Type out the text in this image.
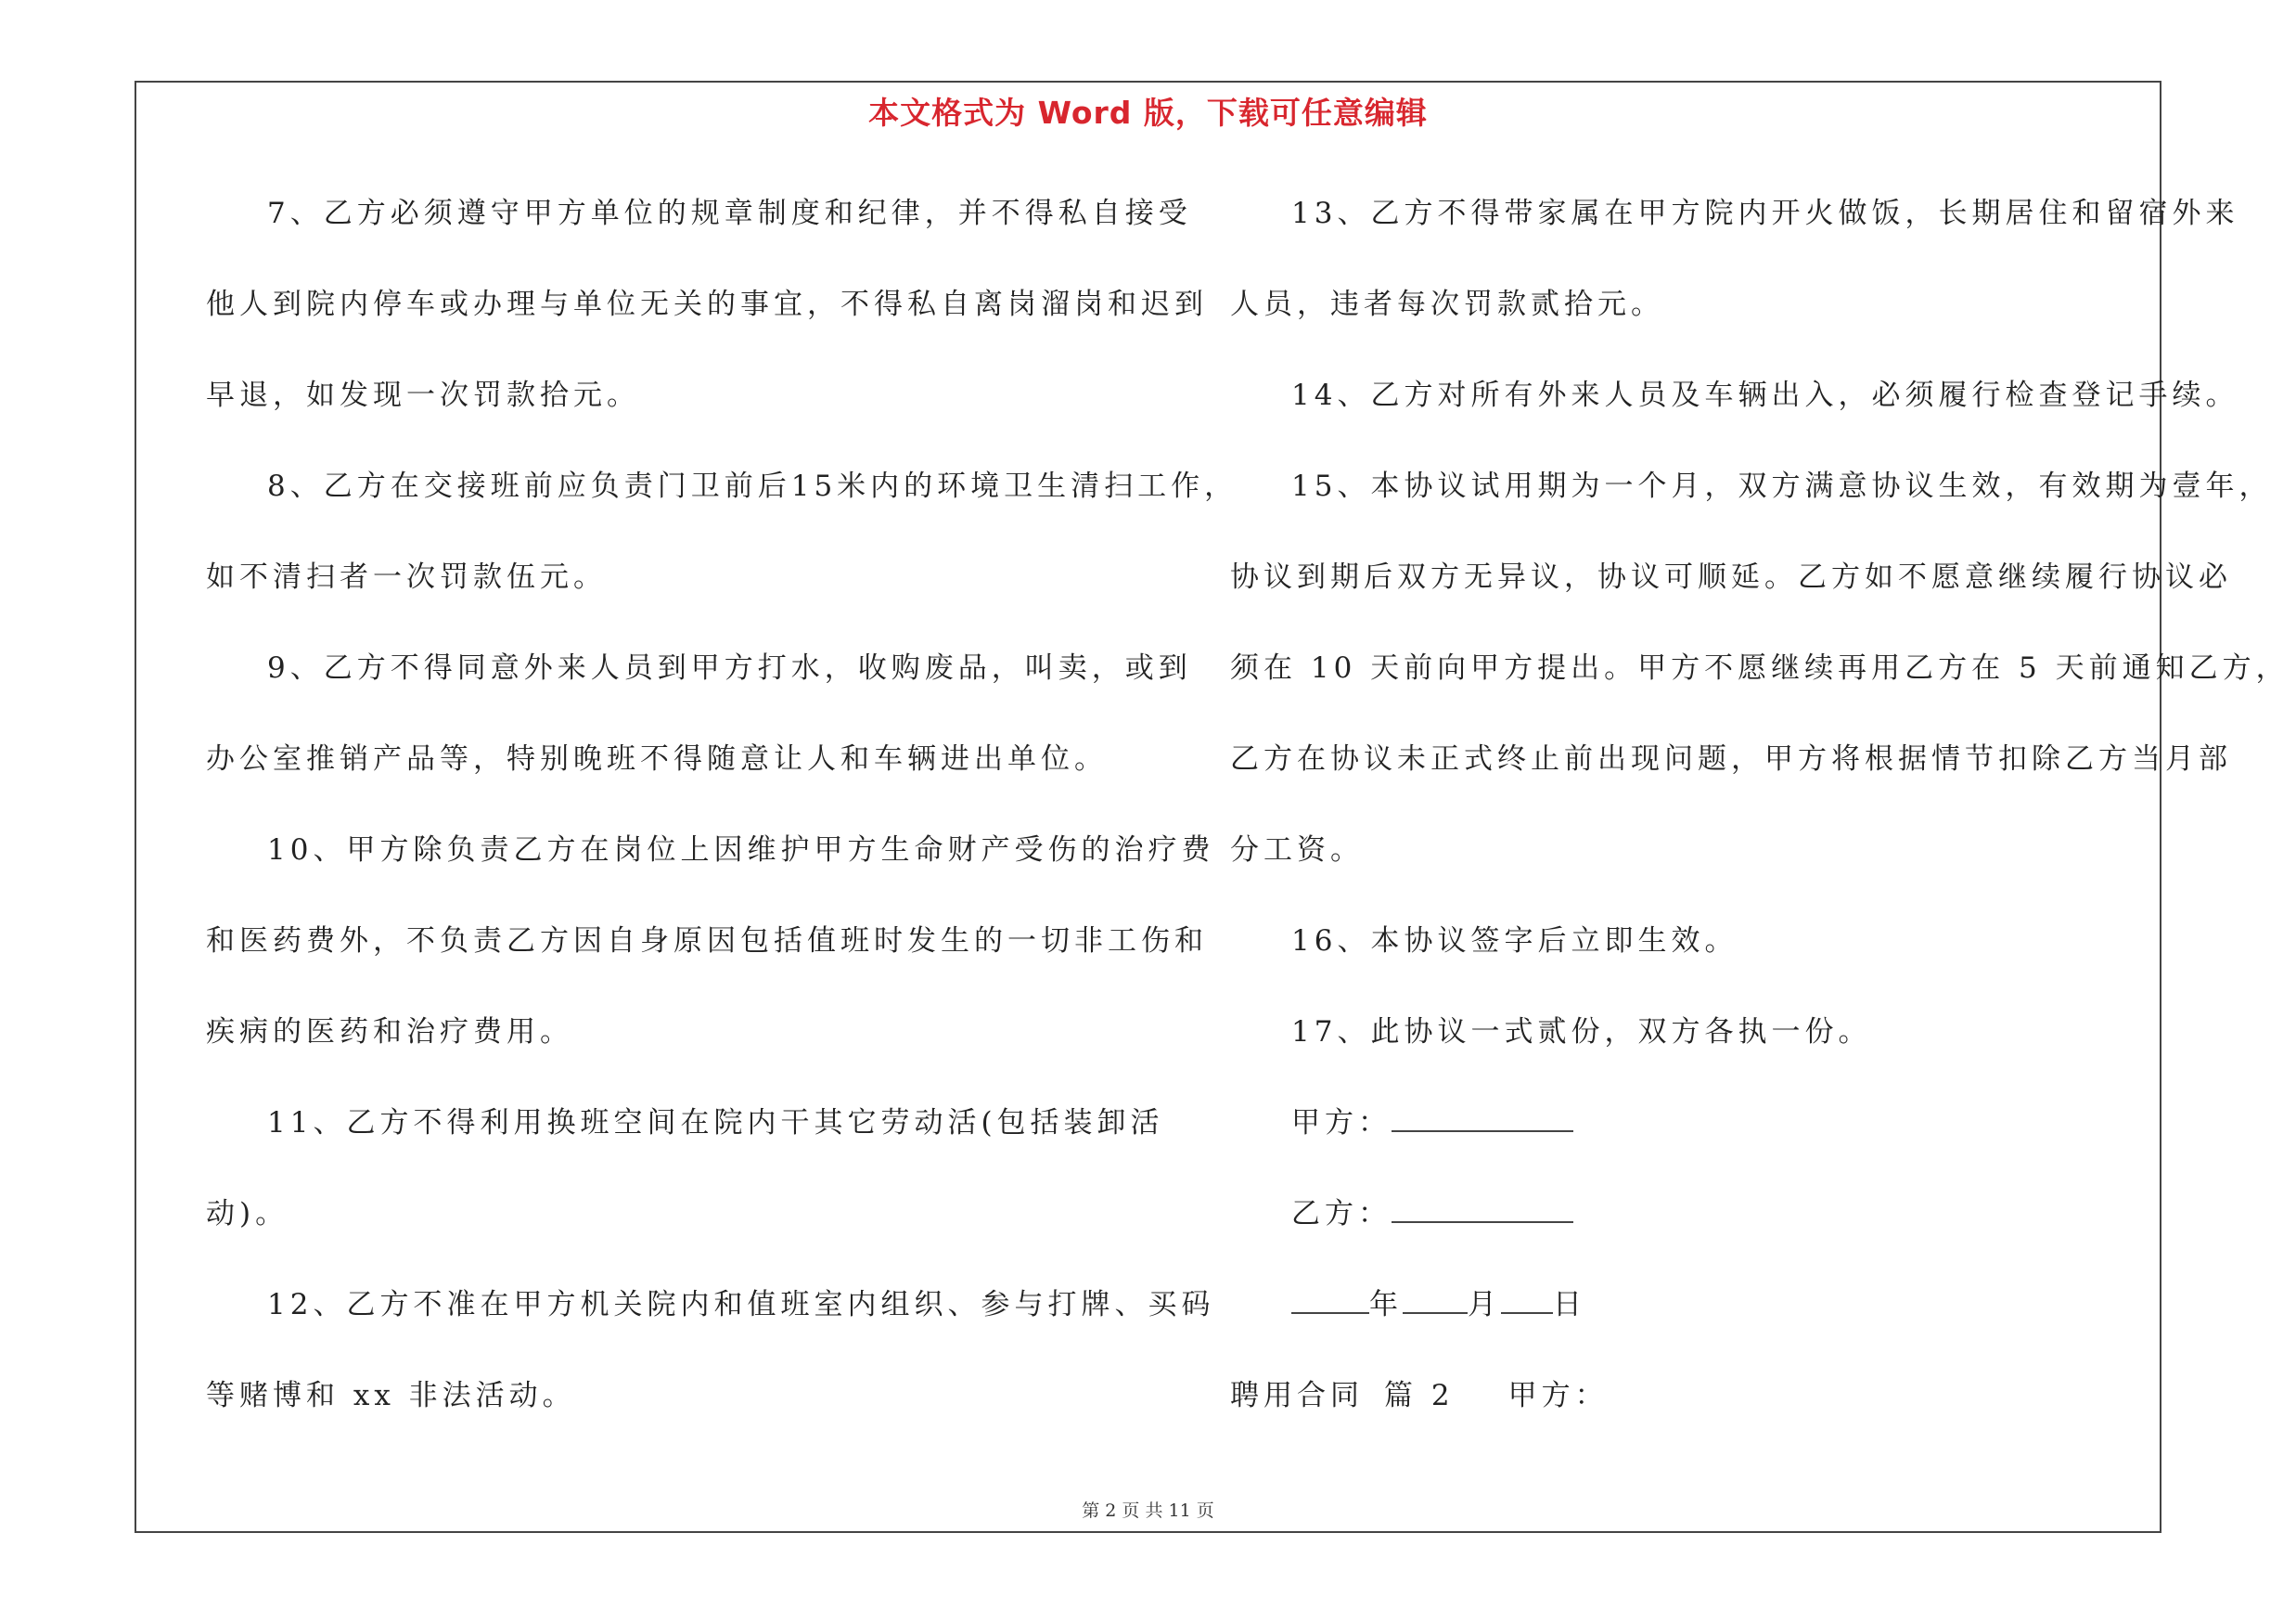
本文格式为 Word 版，下载可任意编辑
7、乙方必须遵守甲方单位的规章制度和纪律，并不得私自接受
他人到院内停车或办理与单位无关的事宜，不得私自离岗溜岗和迟到
早退，如发现一次罚款拾元。
8、乙方在交接班前应负责门卫前后15米内的环境卫生清扫工作，
如不清扫者一次罚款伍元。
9、乙方不得同意外来人员到甲方打水，收购废品，叫卖，或到
办公室推销产品等，特别晚班不得随意让人和车辆进出单位。
10、甲方除负责乙方在岗位上因维护甲方生命财产受伤的治疗费
和医药费外，不负责乙方因自身原因包括值班时发生的一切非工伤和
疾病的医药和治疗费用。
11、乙方不得利用换班空间在院内干其它劳动活(包括装卸活
动)。
12、乙方不准在甲方机关院内和值班室内组织、参与打牌、买码
等赌博和 xx 非法活动。
13、乙方不得带家属在甲方院内开火做饭，长期居住和留宿外来
人员，违者每次罚款贰拾元。
14、乙方对所有外来人员及车辆出入，必须履行检查登记手续。
15、本协议试用期为一个月，双方满意协议生效，有效期为壹年，
协议到期后双方无异议，协议可顺延。乙方如不愿意继续履行协议必
须在 10 天前向甲方提出。甲方不愿继续再用乙方在 5 天前通知乙方，
乙方在协议未正式终止前出现问题，甲方将根据情节扣除乙方当月部
分工资。
16、本协议签字后立即生效。
17、此协议一式贰份，双方各执一份。
甲方：
乙方：
年 月 日
聘用合同 篇 2 甲方：
第 2 页 共 11 页
